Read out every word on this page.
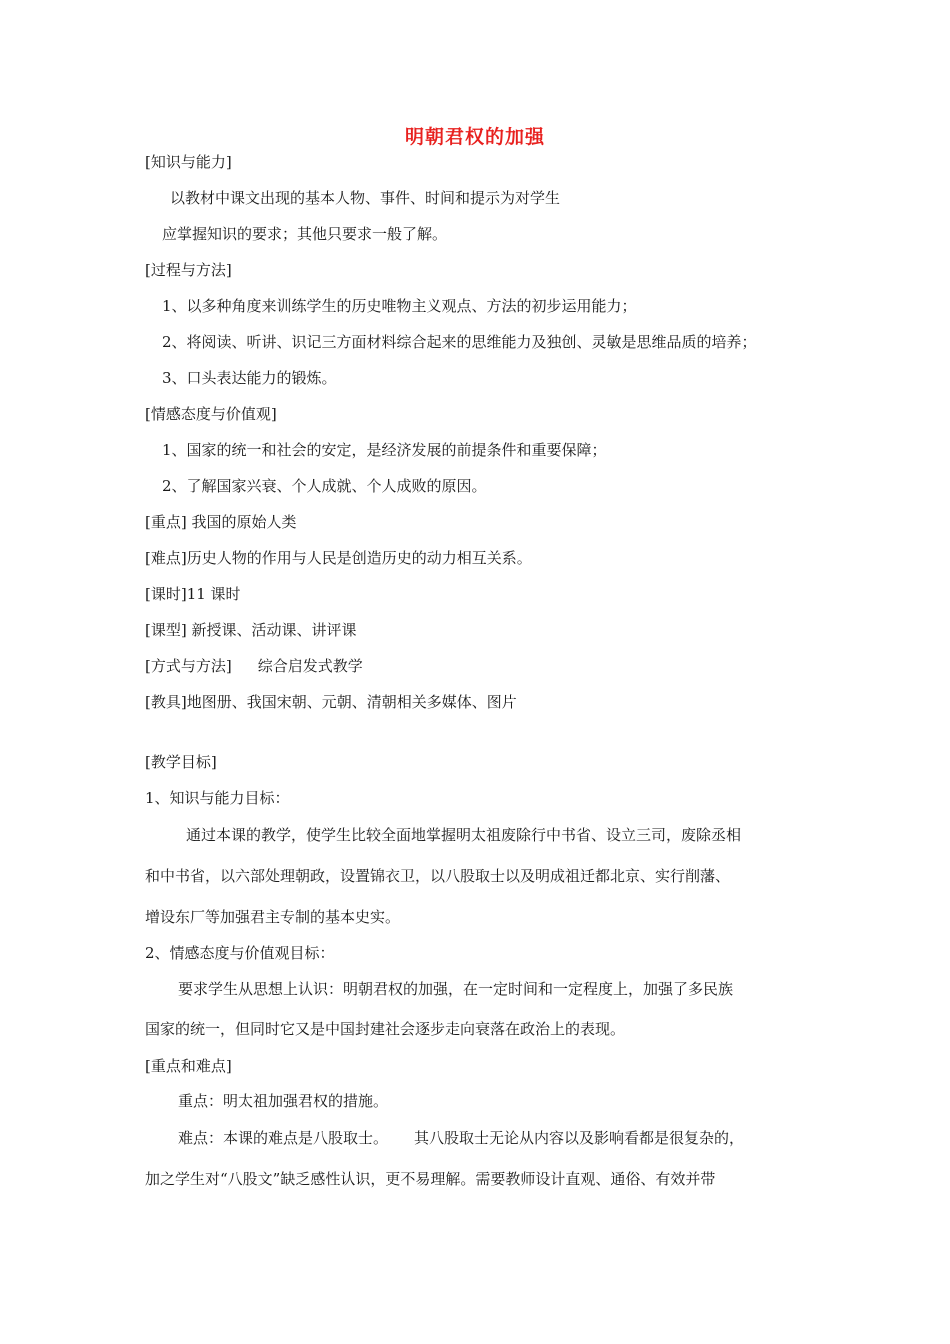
明朝君权的加强
[知识与能力]
以教材中课文出现的基本人物、事件、时间和提示为对学生
应掌握知识的要求；其他只要求一般了解。
[过程与方法]
1、以多种角度来训练学生的历史唯物主义观点、方法的初步运用能力；
2、将阅读、听讲、识记三方面材料综合起来的思维能力及独创、灵敏是思维品质的培养；
3、口头表达能力的锻炼。
[情感态度与价值观]
1、国家的统一和社会的安定，是经济发展的前提条件和重要保障；
2、了解国家兴衰、个人成就、个人成败的原因。
[重点] 我国的原始人类
[难点]历史人物的作用与人民是创造历史的动力相互关系。
[课时]11 课时
[课型] 新授课、活动课、讲评课
[方式与方法] 综合启发式教学
[教具]地图册、我国宋朝、元朝、清朝相关多媒体、图片
[教学目标]
1、知识与能力目标：
通过本课的教学，使学生比较全面地掌握明太祖废除行中书省、设立三司，废除丞相
和中书省，以六部处理朝政，设置锦衣卫，以八股取士以及明成祖迁都北京、实行削藩、
增设东厂等加强君主专制的基本史实。
2、情感态度与价值观目标：
要求学生从思想上认识：明朝君权的加强，在一定时间和一定程度上，加强了多民族
国家的统一，但同时它又是中国封建社会逐步走向衰落在政治上的表现。
[重点和难点]
重点：明太祖加强君权的措施。
难点：本课的难点是八股取士。 其八股取士无论从内容以及影响看都是很复杂的，
加之学生对“八股文”缺乏感性认识，更不易理解。需要教师设计直观、通俗、有效并带
